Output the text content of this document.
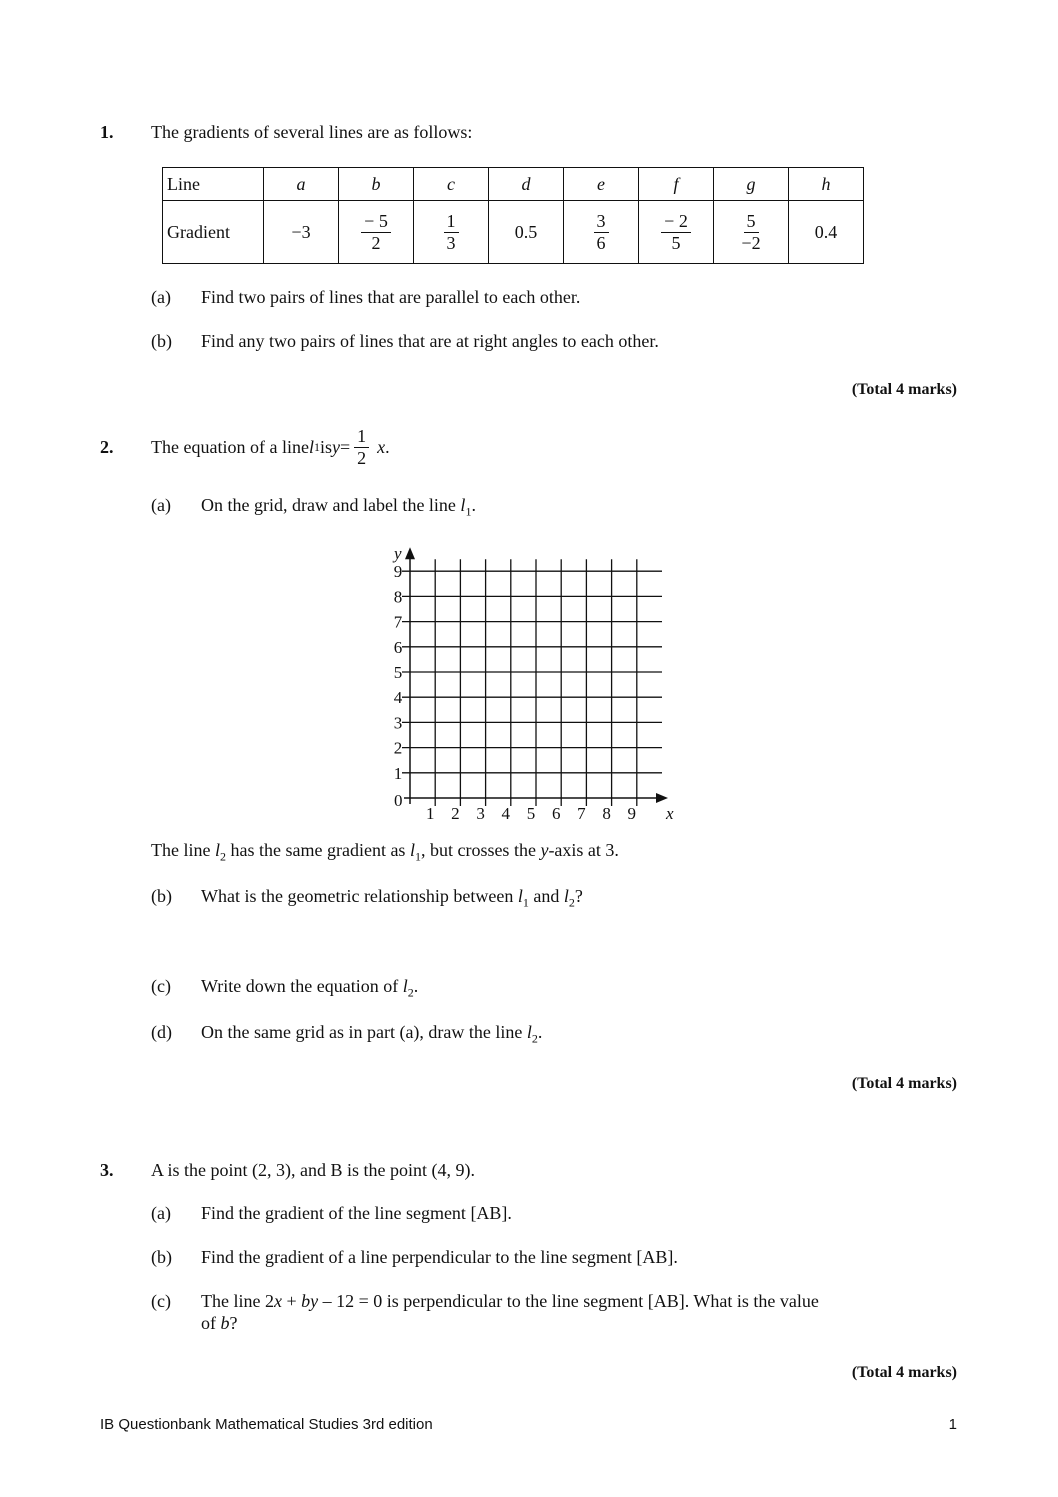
1. The gradients of several lines are as follows:
Line	a	b	c	d	e	f	g	h
Gradient	−3	$\frac{- 5}{2}$	$\frac{1}{3}$	0.5	$\frac{3}{6}$	$\frac{- 2}{5}$	$\frac{5}{-2}$	0.4
(a) Find two pairs of lines that are parallel to each other.
(b) Find any two pairs of lines that are at right angles to each other.
(Total 4 marks)
2. The equation of a line l 1 is $y = \frac{1}{2}$ x .
(a) On the grid, draw and label the line $l_1$.
x
y
0
1 2 3 4 5 6 7 8 9
1
2
3
4
5
6
7
8
9
The line $l_2$ has the same gradient as $l_1$, but crosses the y-axis at 3.
(b) What is the geometric relationship between $l_1$ and $l_2$?
(c) Write down the equation of $l_2$.
(d) On the same grid as in part (a), draw the line $l_2$.
(Total 4 marks)
3. A is the point (2, 3), and B is the point (4, 9).
(a) Find the gradient of the line segment [AB].
(b) Find the gradient of a line perpendicular to the line segment [AB].
(c) The line 2x + by – 12 = 0 is perpendicular to the line segment [AB]. What is the value
of b?
(Total 4 marks)
IB Questionbank Mathematical Studies 3rd edition	1
